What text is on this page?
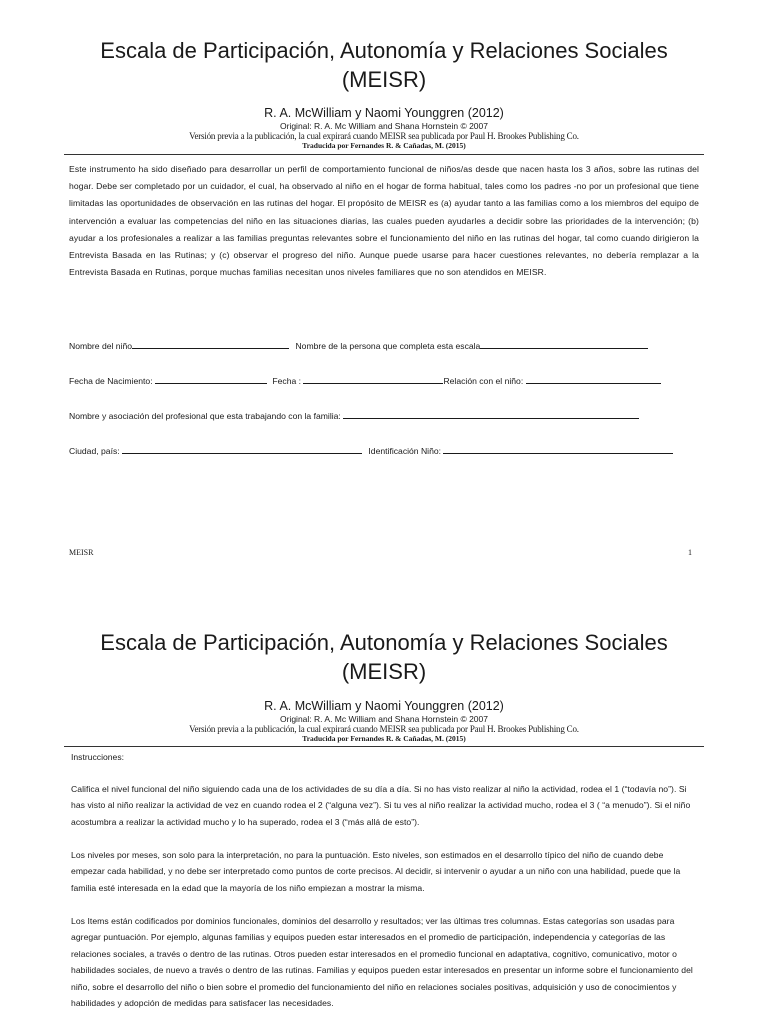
Escala de Participación, Autonomía y Relaciones Sociales (MEISR)
R. A. McWilliam y Naomi Younggren (2012)
Original: R. A. Mc William and Shana Hornstein © 2007
Versión previa a la publicación, la cual expirará cuando MEISR sea publicada por Paul H. Brookes Publishing Co.
Traducida por Fernandes R. & Cañadas, M. (2015)
Este instrumento ha sido diseñado para desarrollar un perfil de comportamiento funcional de niños/as desde que nacen hasta los 3 años, sobre las rutinas del hogar. Debe ser completado por un cuidador, el cual, ha observado al niño en el hogar de forma habitual, tales como los padres -no por un profesional que tiene limitadas las oportunidades de observación en las rutinas del hogar. El propósito de MEISR es (a) ayudar tanto a las familias como a los miembros del equipo de intervención a evaluar las competencias del niño en las situaciones diarias, las cuales pueden ayudarles a decidir sobre las prioridades de la intervención; (b) ayudar a los profesionales a realizar a las familias preguntas relevantes sobre el funcionamiento del niño en las rutinas del hogar, tal como cuando dirigieron la Entrevista Basada en las Rutinas; y (c) observar el progreso del niño. Aunque puede usarse para hacer cuestiones relevantes, no debería remplazar a la Entrevista Basada en Rutinas, porque muchas familias necesitan unos niveles familiares que no son atendidos en MEISR.
Nombre del niño	Nombre de la persona que completa esta escala
Fecha de Nacimiento:	Fecha :	Relación con el niño:
Nombre y asociación del profesional que esta trabajando con la familia:
Ciudad, país:	Identificación Niño:
MEISR	1
Escala de Participación, Autonomía y Relaciones Sociales (MEISR)
R. A. McWilliam y Naomi Younggren (2012)
Original: R. A. Mc William and Shana Hornstein © 2007
Versión previa a la publicación, la cual expirará cuando MEISR sea publicada por Paul H. Brookes Publishing Co.
Traducida por Fernandes R. & Cañadas, M. (2015)
Instrucciones:
Califica el nivel funcional del niño siguiendo cada una de los actividades de su día a día. Si no has visto realizar al niño la actividad, rodea el 1 (“todavía no”). Si has visto al niño realizar la actividad de vez en cuando rodea el 2 (“alguna vez”). Si tu ves al niño realizar la actividad mucho, rodea el 3 ( “a menudo”). Si el niño acostumbra a realizar la actividad mucho y lo ha superado, rodea el 3 (“más allá de esto”).
Los niveles por meses, son solo para la interpretación, no para la puntuación. Esto niveles, son estimados en el desarrollo típico del niño de cuando debe empezar cada habilidad, y no debe ser interpretado como puntos de corte precisos. Al decidir, si intervenir o ayudar a un niño con una habilidad, puede que la familia esté interesada en la edad que la mayoría de los niño empiezan a mostrar la misma.
Los Items están codificados por dominios funcionales, dominios del desarrollo y resultados; ver las últimas tres columnas. Estas categorías son usadas para agregar puntuación. Por ejemplo, algunas familias y equipos pueden estar interesados en el promedio de participación, independencia y categorías de las relaciones sociales, a través o dentro de las rutinas. Otros pueden estar interesados en el promedio funcional en adaptativa, cognitivo, comunicativo, motor o habilidades sociales, de nuevo a través o dentro de las rutinas. Familias y equipos pueden estar interesados en presentar un informe sobre el funcionamiento del niño, sobre el desarrollo del niño o bien sobre el promedio del funcionamiento del niño en relaciones sociales positivas, adquisición y uso de conocimientos y habilidades y adopción de medidas para satisfacer las necesidades.
